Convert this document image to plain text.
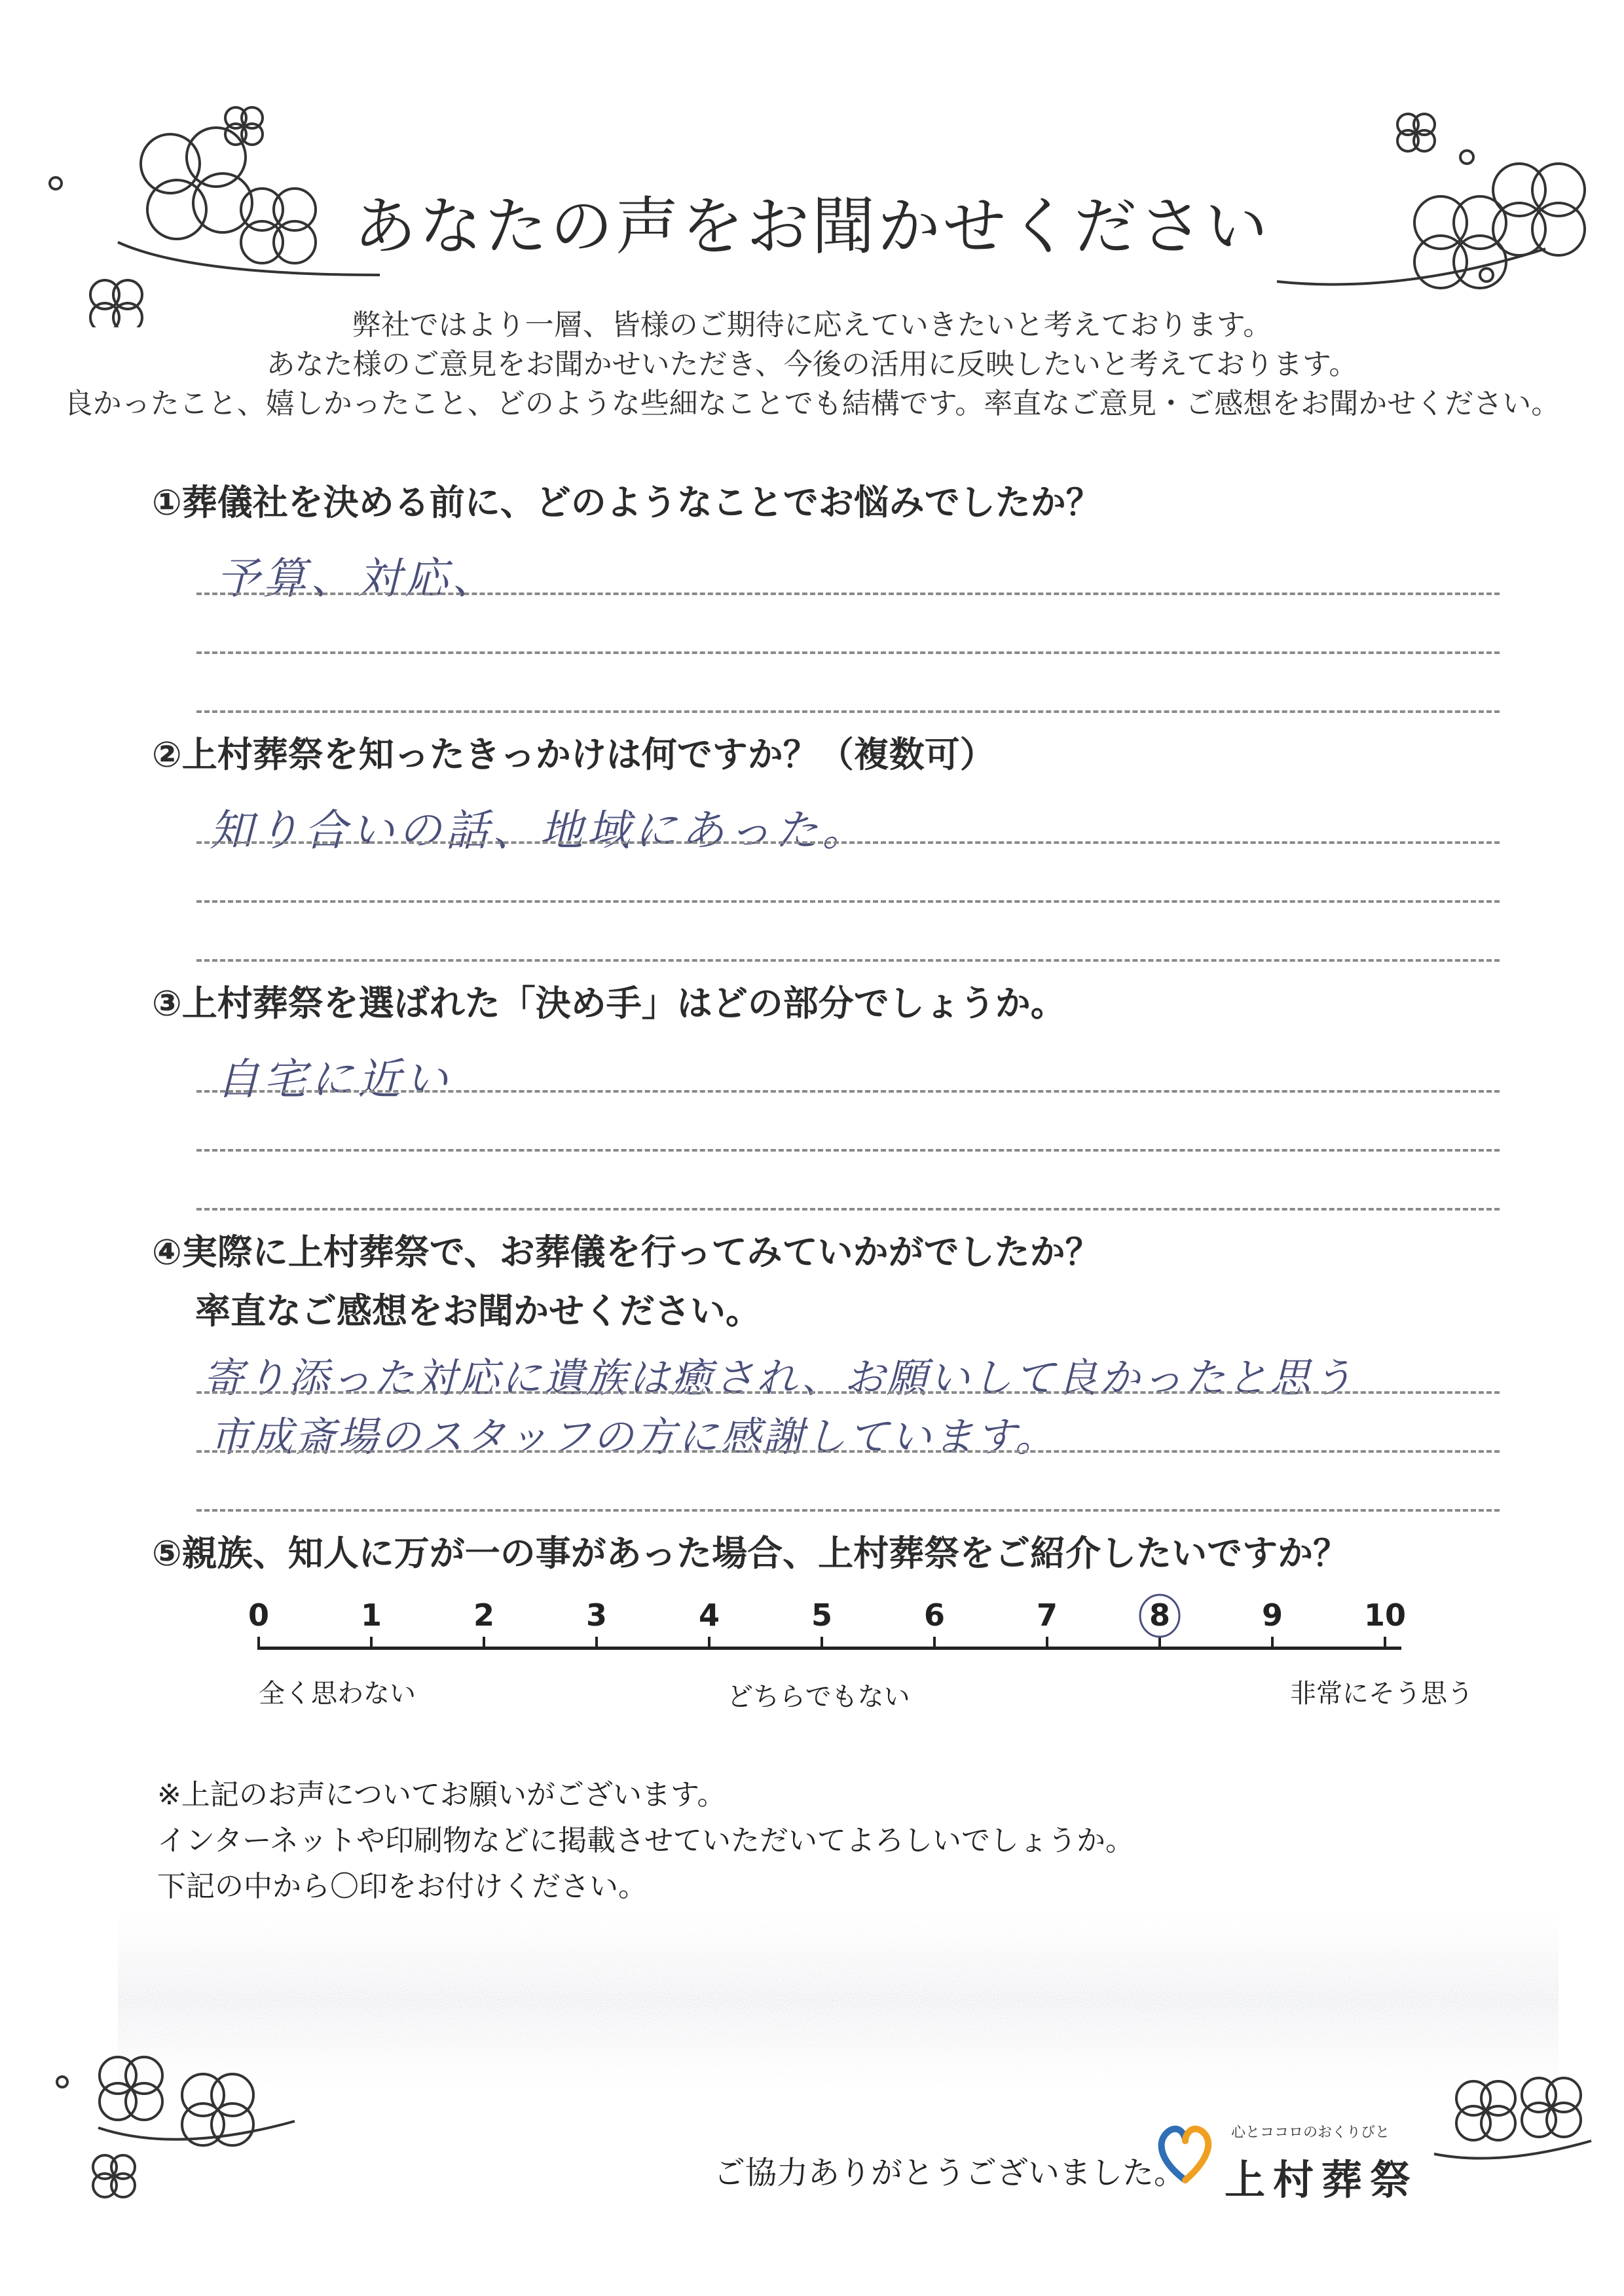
あなたの声をお聞かせください
弊社ではより一層、皆様のご期待に応えていきたいと考えております。
あなた様のご意見をお聞かせいただき、今後の活用に反映したいと考えております。
良かったこと、嬉しかったこと、どのような些細なことでも結構です。率直なご意見・ご感想をお聞かせください。
①葬儀社を決める前に、どのようなことでお悩みでしたか？
予算、対応、
②上村葬祭を知ったきっかけは何ですか？（複数可）
知り合いの話、地域にあった。
③上村葬祭を選ばれた「決め手」はどの部分でしょうか。
自宅に近い
④実際に上村葬祭で、お葬儀を行ってみていかがでしたか？
率直なご感想をお聞かせください。
寄り添った対応に遺族は癒され、お願いして良かったと思う
市成斎場のスタッフの方に感謝しています。
⑤親族、知人に万が一の事があった場合、上村葬祭をご紹介したいですか？
0	1	2	3	4	5	6	7	8	9	10
全く思わない	どちらでもない	非常にそう思う
※上記のお声についてお願いがございます。
インターネットや印刷物などに掲載させていただいてよろしいでしょうか。
下記の中から〇印をお付けください。
ご協力ありがとうございました。
心とココロのおくりびと
上村葬祭
